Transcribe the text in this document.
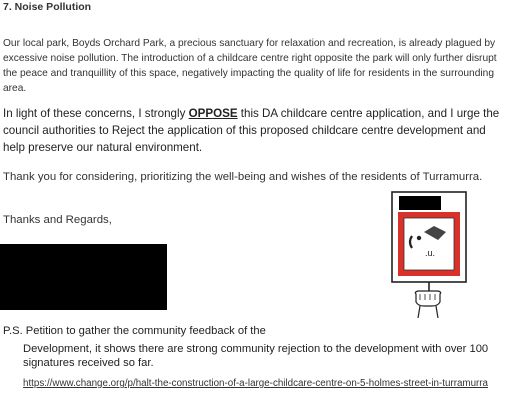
7. Noise Pollution
Our local park, Boyds Orchard Park, a precious sanctuary for relaxation and recreation, is already plagued by excessive noise pollution. The introduction of a childcare centre right opposite the park will only further disrupt the peace and tranquillity of this space, negatively impacting the quality of life for residents in the surrounding area.
In light of these concerns, I strongly OPPOSE this DA childcare centre application, and I urge the council authorities to Reject the application of this proposed childcare centre development and help preserve our natural environment.
Thank you for considering, prioritizing the well-being and wishes of the residents of Turramurra.
Thanks and Regards,
.u.
P.S. Petition to gather the community feedback of the
Development, it shows there are strong community rejection to the development with over 100 signatures received so far.
https://www.change.org/p/halt-the-construction-of-a-large-childcare-centre-on-5-holmes-street-in-turramurra
